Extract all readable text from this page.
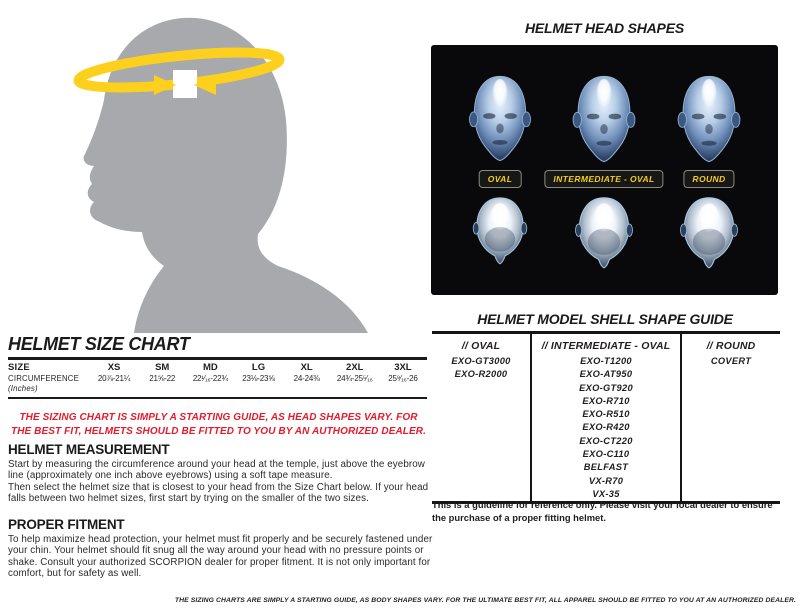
HELMET SIZE CHART
SIZE	XS	SM	MD	LG	XL	2XL	3XL
CIRCUMFERENCE
(Inches)
20⅞-21¼	21⅝-22	22¹⁄₁₆-22¾	23⅛-23⅝	24-24⅜	24¾-25⁵⁄₁₆	25⁹⁄₁₆-26
THE SIZING CHART IS SIMPLY A STARTING GUIDE, AS HEAD SHAPES VARY. FOR THE BEST FIT, HELMETS SHOULD BE FITTED TO YOU BY AN AUTHORIZED DEALER.
HELMET MEASUREMENT

Start by measuring the circumference around your head at the temple, just above the eyebrow line (approximately one inch above eyebrows) using a soft tape measure.

Then select the helmet size that is closest to your head from the Size Chart below. If your head falls between two helmet sizes, first start by trying on the smaller of the two sizes.

PROPER FITMENT

To help maximize head protection, your helmet must fit properly and be securely fastened under your chin. Your helmet should fit snug all the way around your head with no pressure points or shake. Consult your authorized SCORPION dealer for proper fitment. It is not only important for comfort, but for safety as well.

HELMET HEAD SHAPES
OVAL	INTERMEDIATE - OVAL	ROUND
HELMET MODEL SHELL SHAPE GUIDE
// OVAL
EXO-GT3000
EXO-R2000
// INTERMEDIATE - OVAL
EXO-T1200
EXO-AT950
EXO-GT920
EXO-R710
EXO-R510
EXO-R420
EXO-CT220
EXO-C110
BELFAST
VX-R70
VX-35
// ROUND
COVERT
This is a guideline for reference only. Please visit your local dealer to ensure the purchase of a proper fitting helmet.
THE SIZING CHARTS ARE SIMPLY A STARTING GUIDE, AS BODY SHAPES VARY. FOR THE ULTIMATE BEST FIT, ALL APPAREL SHOULD BE FITTED TO YOU AT AN AUTHORIZED DEALER.
